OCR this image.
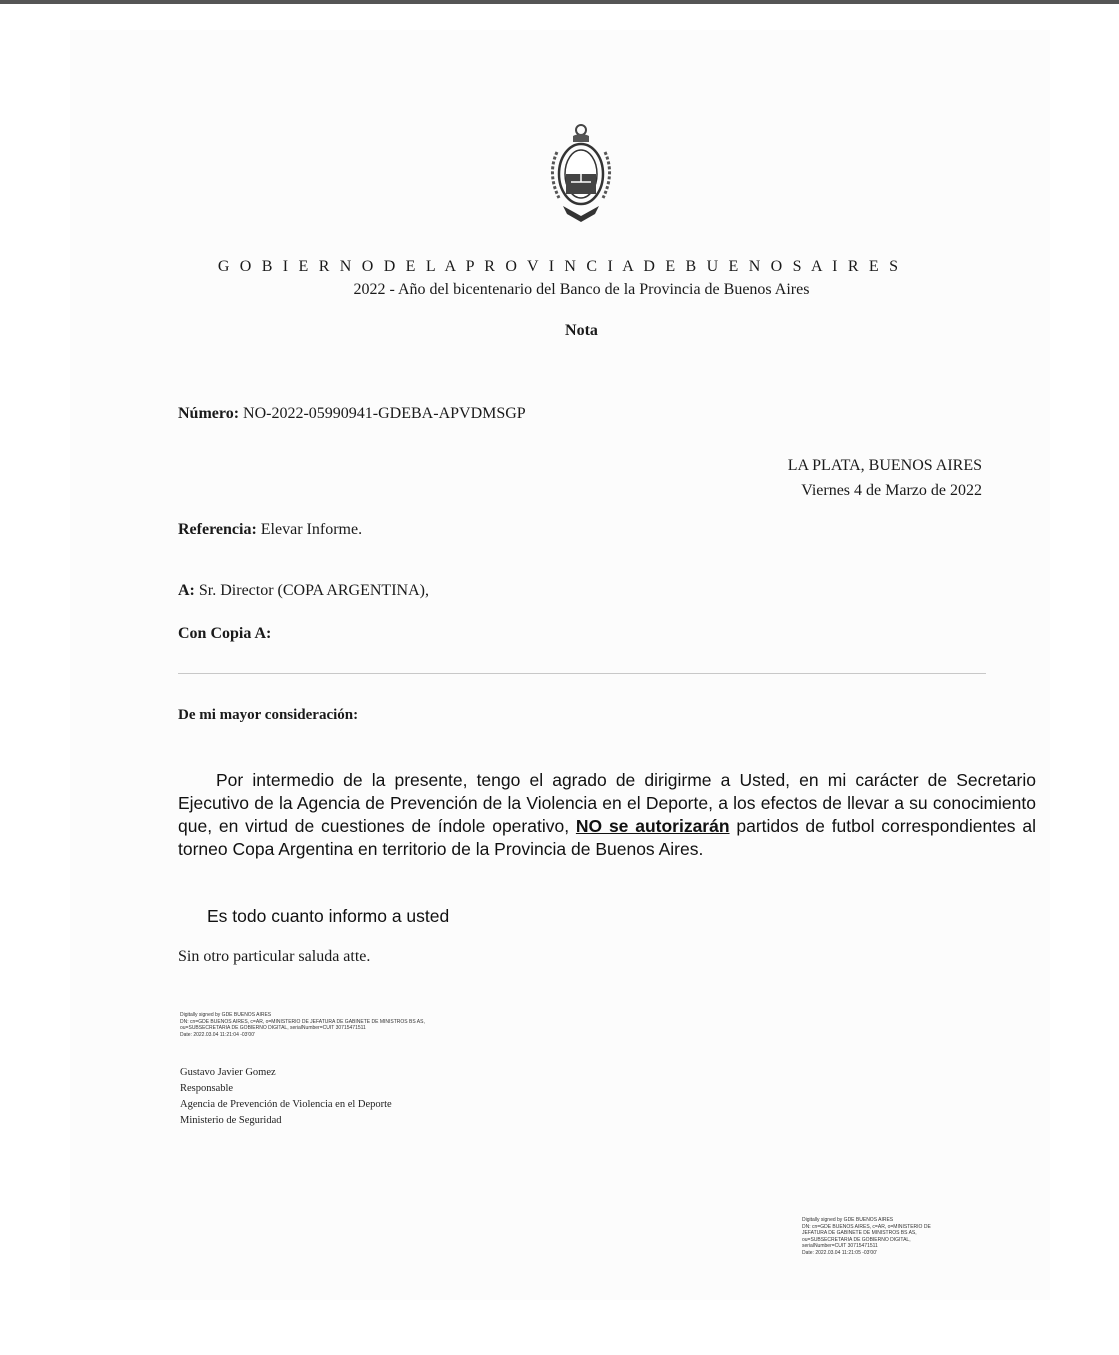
G O B I E R N O D E L A P R O V I N C I A D E B U E N O S A I R E S
2022 - Año del bicentenario del Banco de la Provincia de Buenos Aires
Nota
Número: NO-2022-05990941-GDEBA-APVDMSGP
LA PLATA, BUENOS AIRES
Viernes 4 de Marzo de 2022
Referencia: Elevar Informe.
A: Sr. Director (COPA ARGENTINA),
Con Copia A:
De mi mayor consideración:
Por intermedio de la presente, tengo el agrado de dirigirme a Usted, en mi carácter de Secretario Ejecutivo de la Agencia de Prevención de la Violencia en el Deporte, a los efectos de llevar a su conocimiento que, en virtud de cuestiones de índole operativo, NO se autorizarán partidos de futbol correspondientes al torneo Copa Argentina en territorio de la Provincia de Buenos Aires.
Es todo cuanto informo a usted
Sin otro particular saluda atte.
Digitally signed by GDE BUENOS AIRES
DN: cn=GDE BUENOS AIRES, c=AR, o=MINISTERIO DE JEFATURA DE GABINETE DE MINISTROS BS AS,
ou=SUBSECRETARIA DE GOBIERNO DIGITAL, serialNumber=CUIT 30715471511
Date: 2022.03.04 11:21:04 -03'00'
Gustavo Javier Gomez
Responsable
Agencia de Prevención de Violencia en el Deporte
Ministerio de Seguridad
Digitally signed by GDE BUENOS AIRES
DN: cn=GDE BUENOS AIRES, c=AR, o=MINISTERIO DE
JEFATURA DE GABINETE DE MINISTROS BS AS,
ou=SUBSECRETARIA DE GOBIERNO DIGITAL,
serialNumber=CUIT 30715471511
Date: 2022.03.04 11:21:05 -03'00'
